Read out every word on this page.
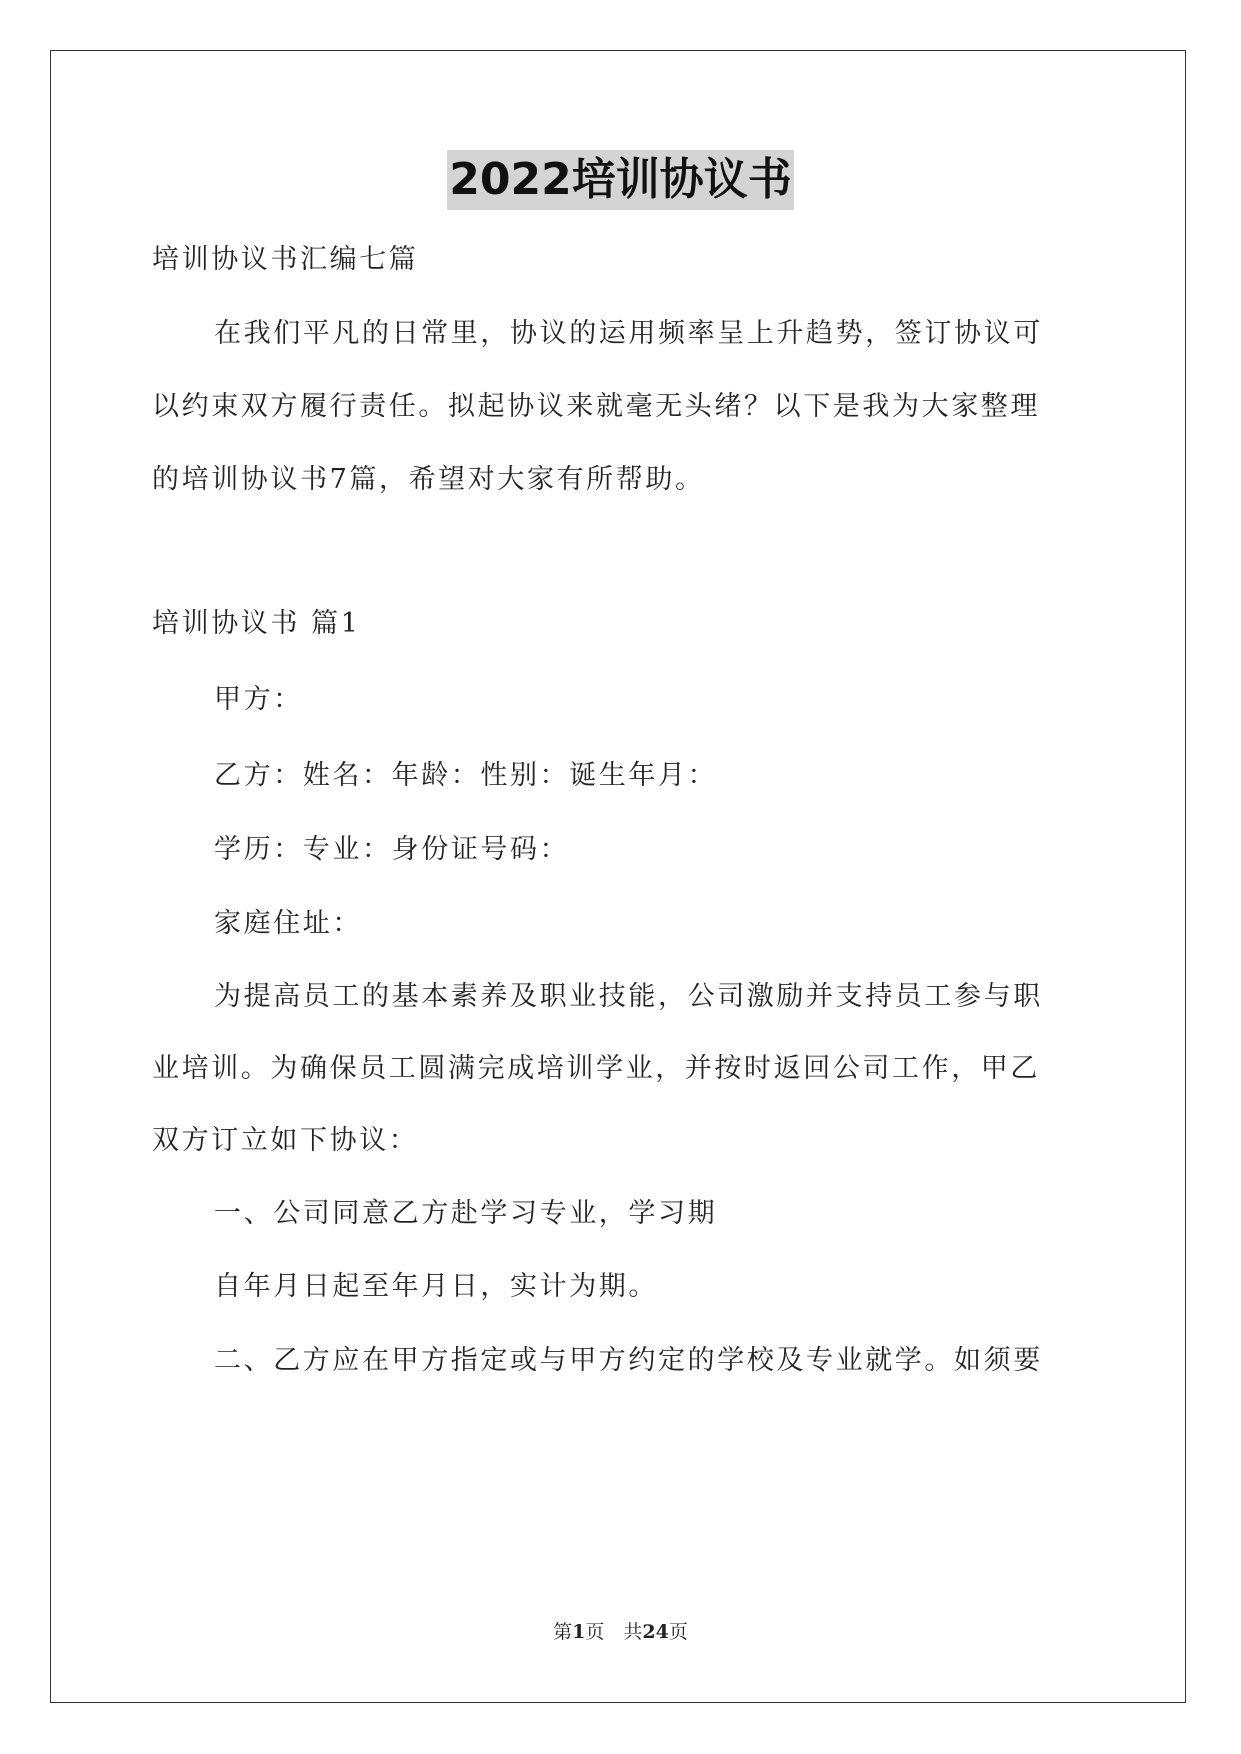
2022培训协议书
培训协议书汇编七篇
在我们平凡的日常里，协议的运用频率呈上升趋势，签订协议可
以约束双方履行责任。拟起协议来就毫无头绪？以下是我为大家整理
的培训协议书7篇，希望对大家有所帮助。
培训协议书 篇1
甲方：
乙方：姓名：年龄：性别：诞生年月：
学历：专业：身份证号码：
家庭住址：
为提高员工的基本素养及职业技能，公司激励并支持员工参与职
业培训。为确保员工圆满完成培训学业，并按时返回公司工作，甲乙
双方订立如下协议：
一、公司同意乙方赴学习专业，学习期
自年月日起至年月日，实计为期。
二、乙方应在甲方指定或与甲方约定的学校及专业就学。如须要
第1页　共24页
